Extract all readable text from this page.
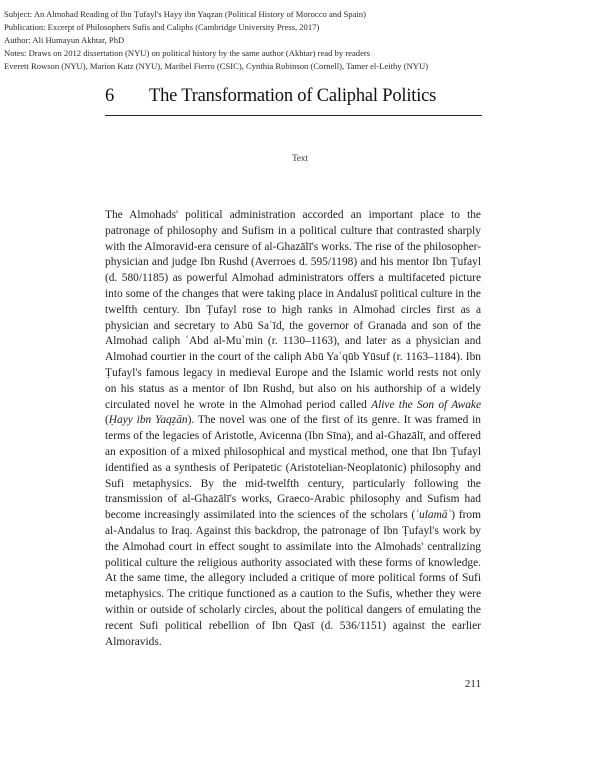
Subject: An Almohad Reading of Ibn Ṭufayl's Hayy ibn Yaqzan (Political History of Morocco and Spain)
Publication: Excerpt of Philosophers Sufis and Caliphs (Cambridge University Press, 2017)
Author: Ali Humayun Akhtar, PhD
Notes: Draws on 2012 dissertation (NYU) on political history by the same author (Akhtar) read by readers
Everett Rowson (NYU), Marion Katz (NYU), Maribel Fierro (CSIC), Cynthia Robinson (Cornell), Tamer el-Leithy (NYU)
6	The Transformation of Caliphal Politics
Text

The Almohads' political administration accorded an important place to the patronage of philosophy and Sufism in a political culture that contrasted sharply with the Almoravid-era censure of al-Ghazālī's works. The rise of the philosopher-physician and judge Ibn Rushd (Averroes d. 595/1198) and his mentor Ibn Ṭufayl (d. 580/1185) as powerful Almohad administrators offers a multifaceted picture into some of the changes that were taking place in Andalusī political culture in the twelfth century. Ibn Ṭufayl rose to high ranks in Almohad circles first as a physician and secretary to Abū Saʿīd, the governor of Granada and son of the Almohad caliph ʿAbd al-Muʾmin (r. 1130–1163), and later as a physician and Almohad courtier in the court of the caliph Abū Yaʿqūb Yūsuf (r. 1163–1184). Ibn Ṭufayl's famous legacy in medieval Europe and the Islamic world rests not only on his status as a mentor of Ibn Rushd, but also on his authorship of a widely circulated novel he wrote in the Almohad period called Alive the Son of Awake (Ḥayy ibn Yaqẓān). The novel was one of the first of its genre. It was framed in terms of the legacies of Aristotle, Avicenna (Ibn Sīna), and al-Ghazālī, and offered an exposition of a mixed philosophical and mystical method, one that Ibn Ṭufayl identified as a synthesis of Peripatetic (Aristotelian-Neoplatonic) philosophy and Sufi metaphysics. By the mid-twelfth century, particularly following the transmission of al-Ghazālī's works, Graeco-Arabic philosophy and Sufism had become increasingly assimilated into the sciences of the scholars (ʿulamāʾ) from al-Andalus to Iraq. Against this backdrop, the patronage of Ibn Ṭufayl's work by the Almohad court in effect sought to assimilate into the Almohads' centralizing political culture the religious authority associated with these forms of knowledge. At the same time, the allegory included a critique of more political forms of Sufi metaphysics. The critique functioned as a caution to the Sufis, whether they were within or outside of scholarly circles, about the political dangers of emulating the recent Sufi political rebellion of Ibn Qasī (d. 536/1151) against the earlier Almoravids.

211
